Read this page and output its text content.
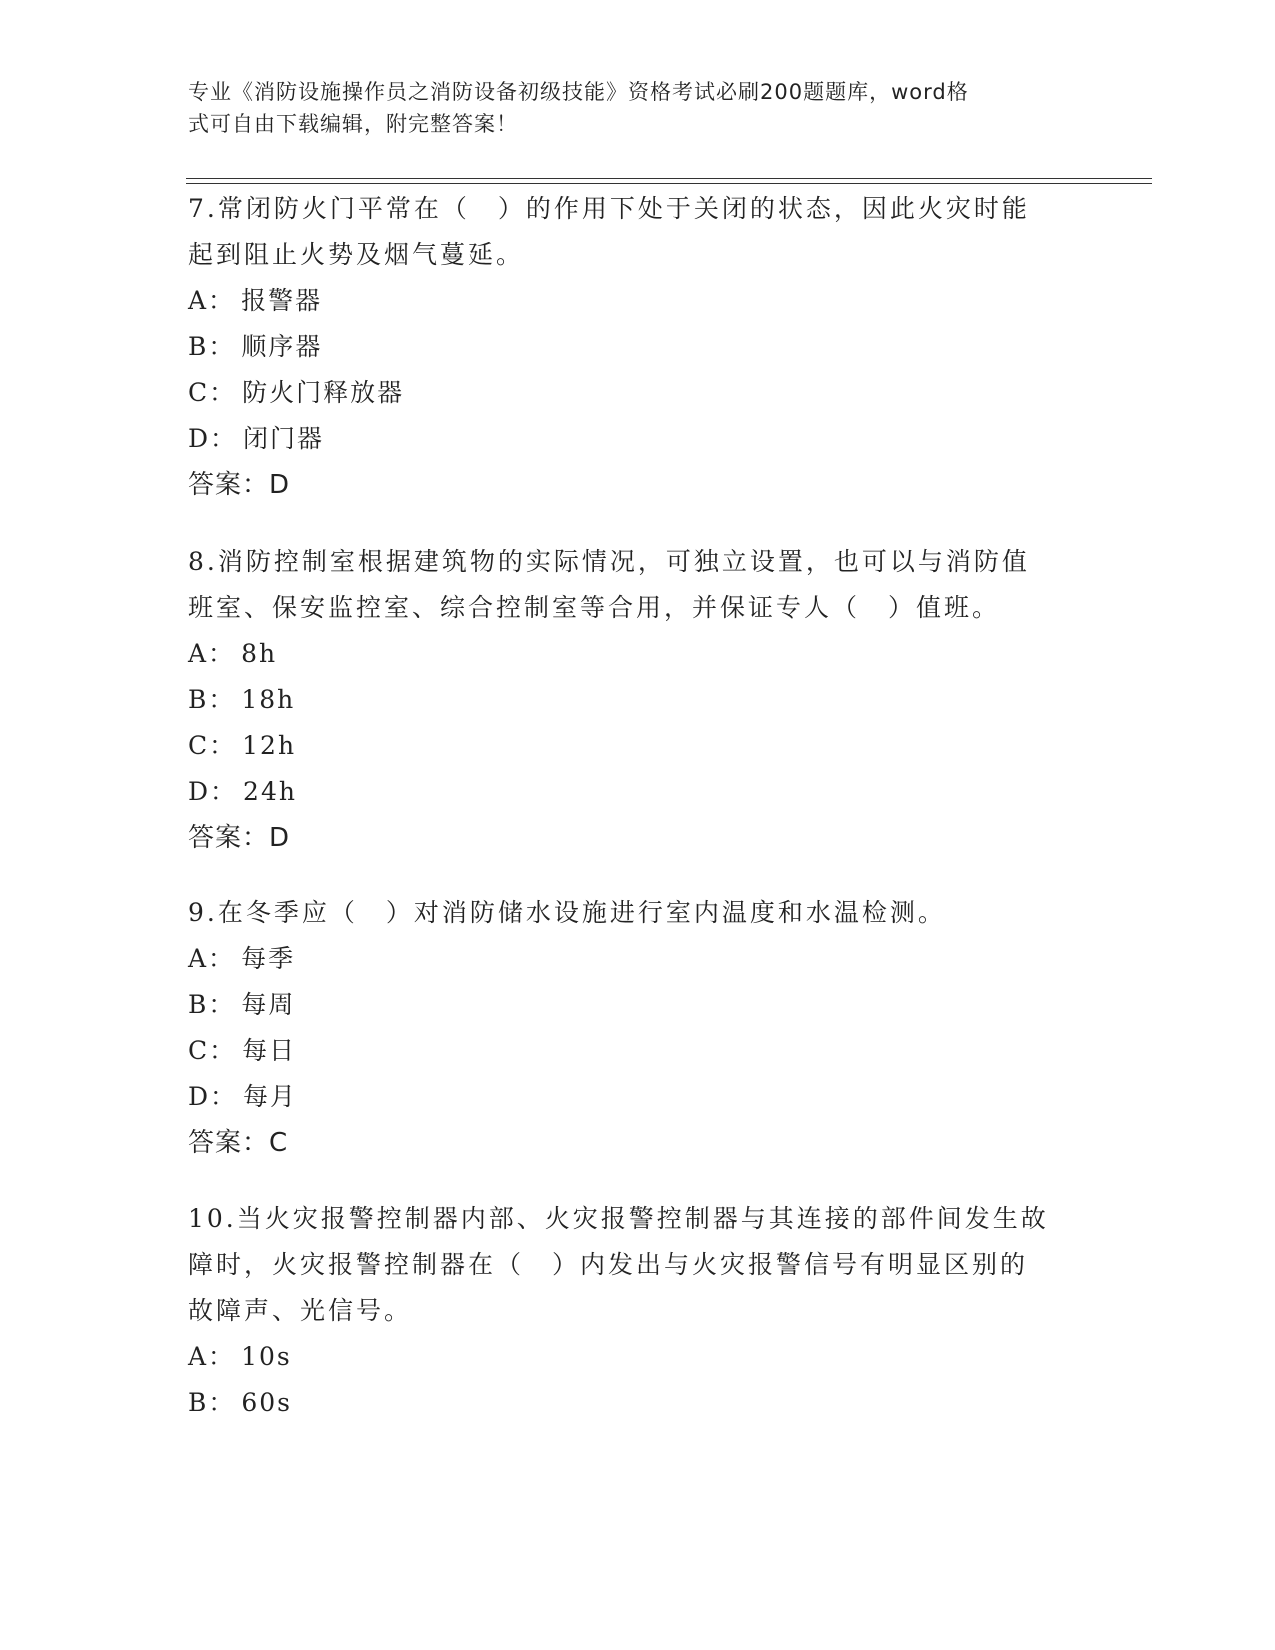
专业《消防设施操作员之消防设备初级技能》资格考试必刷200题题库，word格
式可自由下载编辑，附完整答案！

7.常闭防火门平常在（　）的作用下处于关闭的状态，因此火灾时能
起到阻止火势及烟气蔓延。

A： 报警器
B： 顺序器
C： 防火门释放器
D： 闭门器
答案：D

8.消防控制室根据建筑物的实际情况，可独立设置，也可以与消防值
班室、保安监控室、综合控制室等合用，并保证专人（　）值班。

A： 8h
B： 18h
C： 12h
D： 24h
答案：D

9.在冬季应（　）对消防储水设施进行室内温度和水温检测。

A： 每季
B： 每周
C： 每日
D： 每月
答案：C

10.当火灾报警控制器内部、火灾报警控制器与其连接的部件间发生故
障时，火灾报警控制器在（　）内发出与火灾报警信号有明显区别的
故障声、光信号。

A： 10s
B： 60s
